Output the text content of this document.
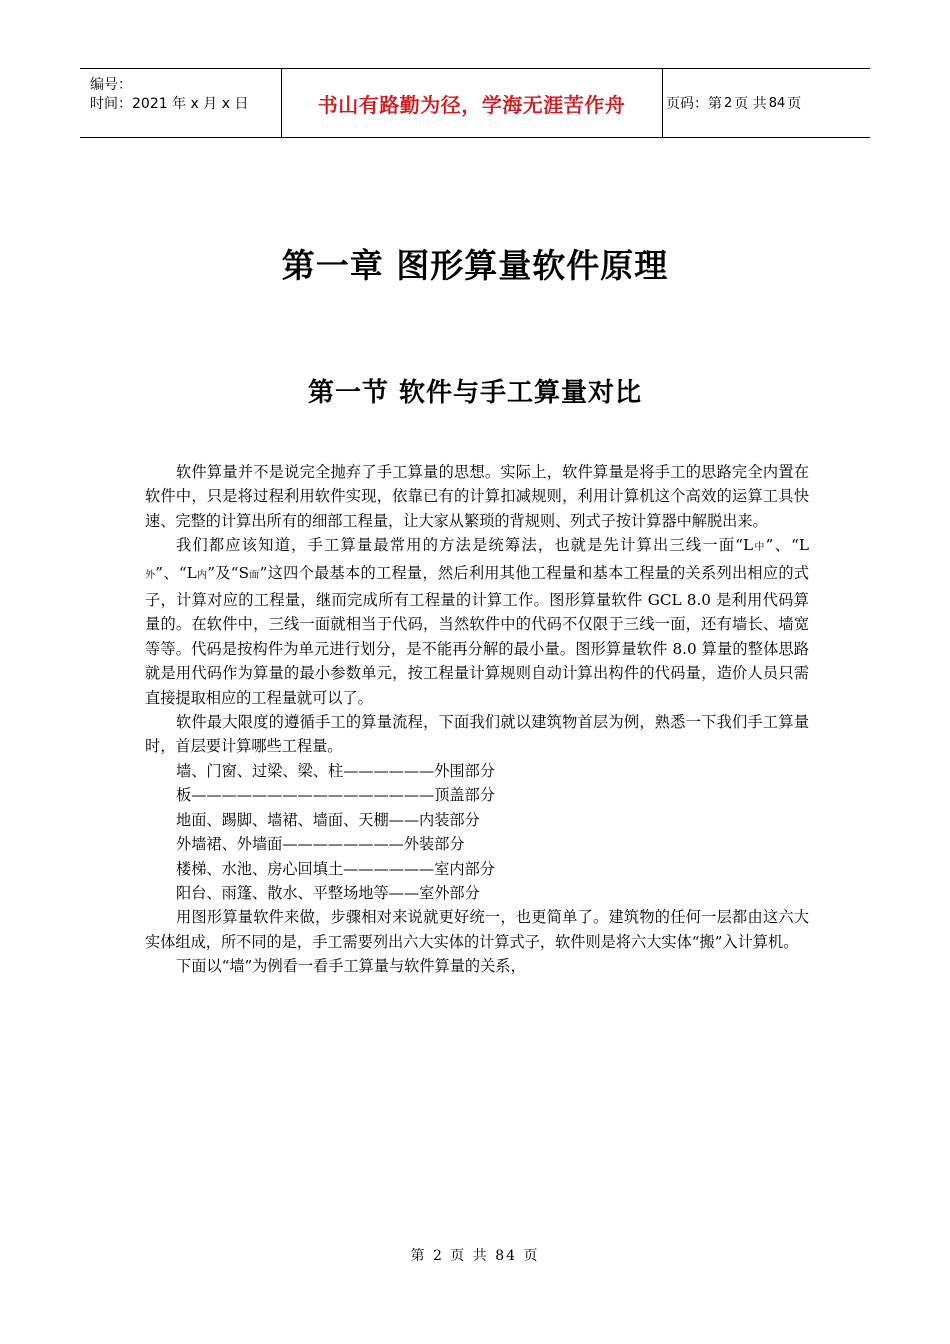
编号：
时间：2021 年 x 月 x 日	书山有路勤为径，学海无涯苦作舟	页码：第 2 页 共 84 页
第一章 图形算量软件原理
第一节 软件与手工算量对比

软件算量并不是说完全抛弃了手工算量的思想。实际上，软件算量是将手工的思路完全内置在软件中，只是将过程利用软件实现，依靠已有的计算扣减规则，利用计算机这个高效的运算工具快速、完整的计算出所有的细部工程量，让大家从繁琐的背规则、列式子按计算器中解脱出来。

我们都应该知道，手工算量最常用的方法是统筹法，也就是先计算出三线一面“L中”、“L外”、“L内”及“S面”这四个最基本的工程量，然后利用其他工程量和基本工程量的关系列出相应的式子，计算对应的工程量，继而完成所有工程量的计算工作。图形算量软件 GCL 8.0 是利用代码算量的。在软件中，三线一面就相当于代码，当然软件中的代码不仅限于三线一面，还有墙长、墙宽等等。代码是按构件为单元进行划分，是不能再分解的最小量。图形算量软件 8.0 算量的整体思路就是用代码作为算量的最小参数单元，按工程量计算规则自动计算出构件的代码量，造价人员只需直接提取相应的工程量就可以了。

软件最大限度的遵循手工的算量流程，下面我们就以建筑物首层为例，熟悉一下我们手工算量时，首层要计算哪些工程量。

墙、门窗、过梁、梁、柱——————外围部分

板————————————————顶盖部分

地面、踢脚、墙裙、墙面、天棚——内装部分

外墙裙、外墙面————————外装部分

楼梯、水池、房心回填土——————室内部分

阳台、雨篷、散水、平整场地等——室外部分

用图形算量软件来做，步骤相对来说就更好统一，也更简单了。建筑物的任何一层都由这六大实体组成，所不同的是，手工需要列出六大实体的计算式子，软件则是将六大实体“搬”入计算机。

下面以“墙”为例看一看手工算量与软件算量的关系，

第 2 页 共 84 页
